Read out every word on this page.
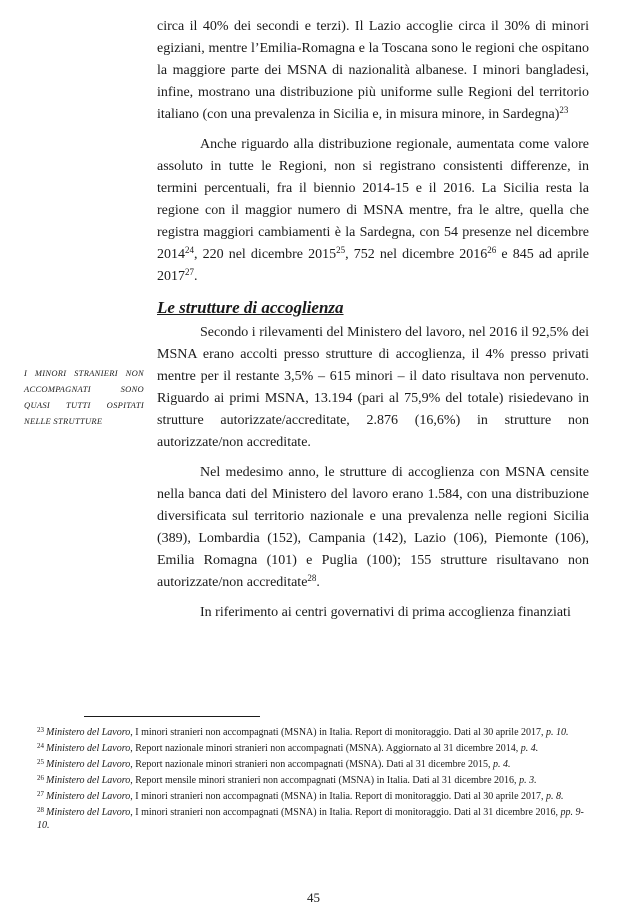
circa il 40% dei secondi e terzi). Il Lazio accoglie circa il 30% di minori egiziani, mentre l’Emilia-Romagna e la Toscana sono le regioni che ospitano la maggiore parte dei MSNA di nazionalità albanese. I minori bangladesi, infine, mostrano una distribuzione più uniforme sulle Regioni del territorio italiano (con una prevalenza in Sicilia e, in misura minore, in Sardegna)$^{23}$

Anche riguardo alla distribuzione regionale, aumentata come valore assoluto in tutte le Regioni, non si registrano consistenti differenze, in termini percentuali, fra il biennio 2014-15 e il 2016. La Sicilia resta la regione con il maggior numero di MSNA mentre, fra le altre, quella che registra maggiori cambiamenti è la Sardegna, con 54 presenze nel dicembre 2014$^{24}$, 220 nel dicembre 2015$^{25}$, 752 nel dicembre 2016$^{26}$ e 845 ad aprile 2017$^{27}$.

Le strutture di accoglienza

Secondo i rilevamenti del Ministero del lavoro, nel 2016 il 92,5% dei MSNA erano accolti presso strutture di accoglienza, il 4% presso privati mentre per il restante 3,5% – 615 minori – il dato risultava non pervenuto. Riguardo ai primi MSNA, 13.194 (pari al 75,9% del totale) risiedevano in strutture autorizzate/accreditate, 2.876 (16,6%) in strutture non autorizzate/non accreditate.

Nel medesimo anno, le strutture di accoglienza con MSNA censite nella banca dati del Ministero del lavoro erano 1.584, con una distribuzione diversificata sul territorio nazionale e una prevalenza nelle regioni Sicilia (389), Lombardia (152), Campania (142), Lazio (106), Piemonte (106), Emilia Romagna (101) e Puglia (100); 155 strutture risultavano non autorizzate/non accreditate$^{28}$.

In riferimento ai centri governativi di prima accoglienza finanziati

I MINORI STRANIERI NON ACCOMPAGNATI SONO QUASI TUTTI OSPITATI NELLE STRUTTURE
$^{23}$ Ministero del Lavoro, I minori stranieri non accompagnati (MSNA) in Italia. Report di monitoraggio. Dati al 30 aprile 2017, p. 10.
$^{24}$ Ministero del Lavoro, Report nazionale minori stranieri non accompagnati (MSNA). Aggiornato al 31 dicembre 2014, p. 4.
$^{25}$ Ministero del Lavoro, Report nazionale minori stranieri non accompagnati (MSNA). Dati al 31 dicembre 2015, p. 4.
$^{26}$ Ministero del Lavoro, Report mensile minori stranieri non accompagnati (MSNA) in Italia. Dati al 31 dicembre 2016, p. 3.
$^{27}$ Ministero del Lavoro, I minori stranieri non accompagnati (MSNA) in Italia. Report di monitoraggio. Dati al 30 aprile 2017, p. 8.
$^{28}$ Ministero del Lavoro, I minori stranieri non accompagnati (MSNA) in Italia. Report di monitoraggio. Dati al 31 dicembre 2016, pp. 9-10.
45
